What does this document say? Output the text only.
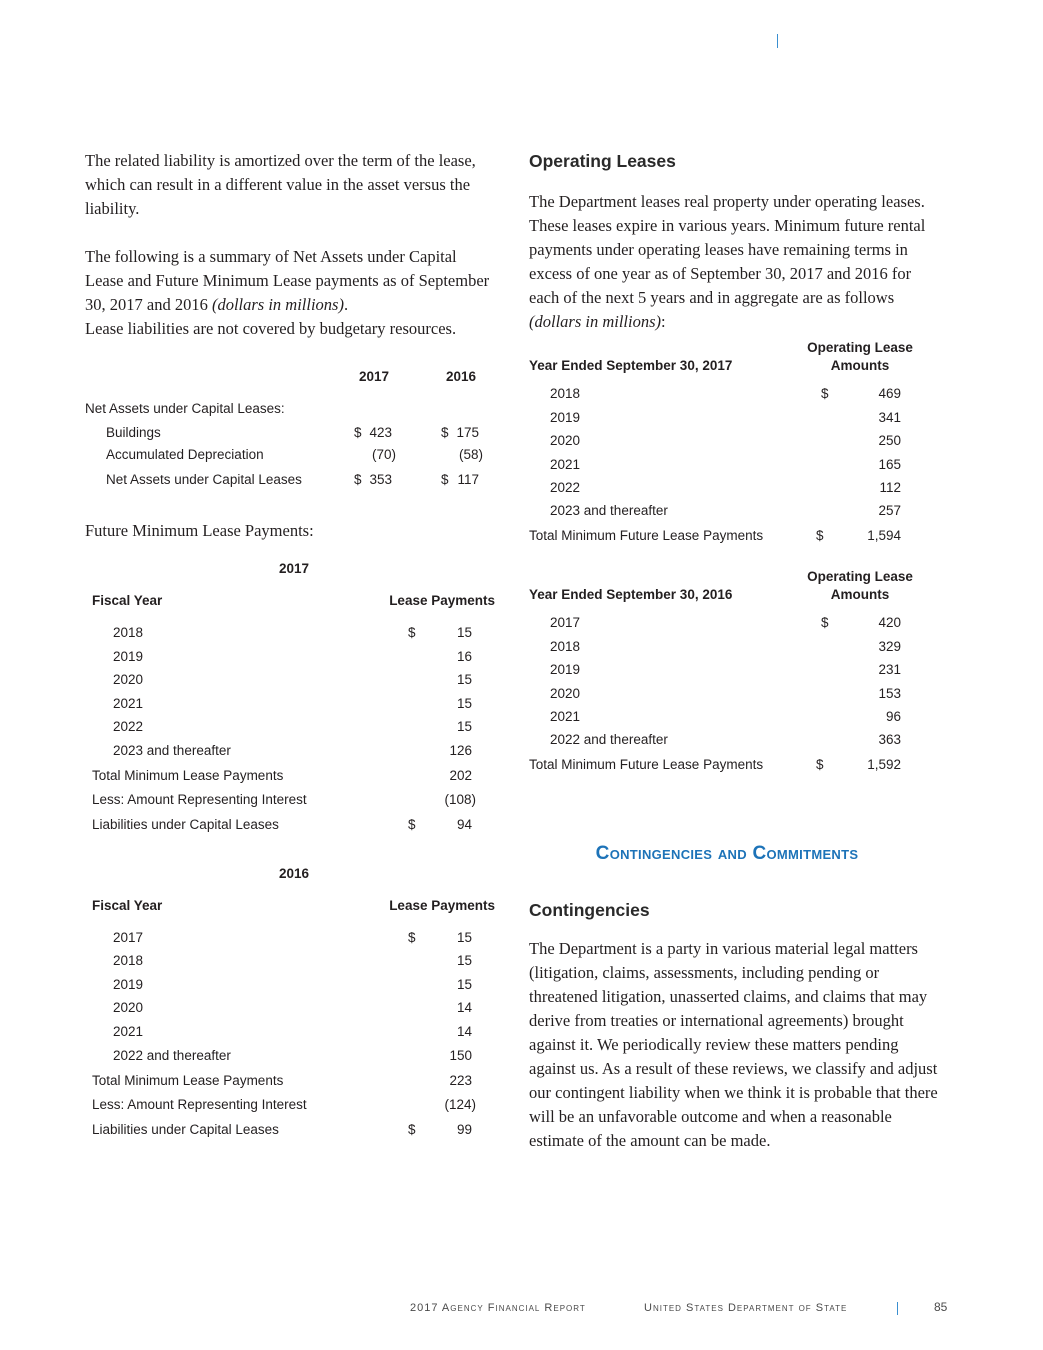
The related liability is amortized over the term of the lease, which can result in a different value in the asset versus the liability.

The following is a summary of Net Assets under Capital Lease and Future Minimum Lease payments as of September 30, 2017 and 2016 (dollars in millions).
Lease liabilities are not covered by budgetary resources.

2017	2016
Net Assets under Capital Leases:
Buildings	$ 423	$ 175
Accumulated Depreciation	(70)	(58)
Net Assets under Capital Leases	$ 353	$ 117
Future Minimum Lease Payments:
2017
Fiscal Year	Lease Payments
2018	$	15
2019	16
2020	15
2021	15
2022	15
2023 and thereafter	126
Total Minimum Lease Payments	202
Less: Amount Representing Interest	(108)
Liabilities under Capital Leases	$	94
2016
Fiscal Year	Lease Payments
2017	$	15
2018	15
2019	15
2020	14
2021	14
2022 and thereafter	150
Total Minimum Lease Payments	223
Less: Amount Representing Interest	(124)
Liabilities under Capital Leases	$	99
Operating Leases

The Department leases real property under operating leases. These leases expire in various years. Minimum future rental payments under operating leases have remaining terms in excess of one year as of September 30, 2017 and 2016 for each of the next 5 years and in aggregate are as follows (dollars in millions):

Year Ended September 30, 2017
Operating Lease
Amounts
2018	$	469
2019	341
2020	250
2021	165
2022	112
2023 and thereafter	257
Total Minimum Future Lease Payments	$	1,594
Year Ended September 30, 2016
Operating Lease
Amounts
2017	$	420
2018	329
2019	231
2020	153
2021	96
2022 and thereafter	363
Total Minimum Future Lease Payments	$	1,592
Contingencies and Commitments
Contingencies

The Department is a party in various material legal matters (litigation, claims, assessments, including pending or threatened litigation, unasserted claims, and claims that may derive from treaties or international agreements) brought against it. We periodically review these matters pending against us. As a result of these reviews, we classify and adjust our contingent liability when we think it is probable that there will be an unfavorable outcome and when a reasonable estimate of the amount can be made.

2017 Agency Financial Report	United States Department of State	85
